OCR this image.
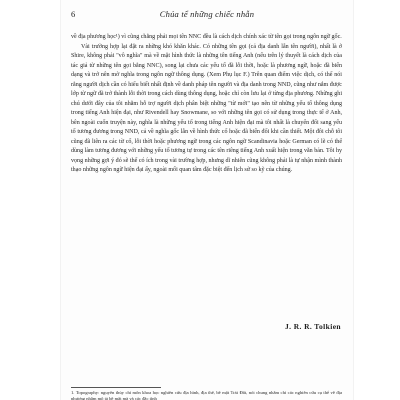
6	Chúa tể những chiếc nhẫn

về địa phương học¹) vì cũng chẳng phải mọi tên NNC đều là cách dịch chính xác từ tên gọi trong ngôn ngữ gốc.

Vài trường hợp lại đặt ra những khó khăn khác. Có những tên gọi (cả địa danh lẫn tên người), nhất là ở Shire, không phải "vô nghĩa" mà về mặt hình thức là những tên tiếng Anh (nếu trên lý thuyết là cách dịch của tác giả từ những tên gọi bằng NNC), song lại chưa các yếu tố đã lỗi thời, hoặc là phương ngữ, hoặc đã biến dạng và trở nên mờ nghĩa trong ngôn ngữ thông dụng. (Xem Phụ lục F.) Trên quan điểm việc dịch, có thể nói rằng người dịch cần có hiểu biết nhất định về danh pháp tên người và địa danh trong NND, cũng như nắm được lớp từ ngữ đã trở thành lỗi thời trong cách dùng thông dụng, hoặc chỉ còn lưu lại ở từng địa phương. Những ghi chú dưới đây của tôi nhằm hỗ trợ người dịch phân biệt những "từ mới" tạo nên từ những yếu tố thông dụng trong tiếng Anh hiện đại, như Rivendell hay Snowmane, so với những tên gọi có sử dụng trong thực tế ở Anh, bên ngoài cuốn truyện này, nghĩa là những yếu tố trong tiếng Anh hiện đại mà tôi nhất là chuyển đổi sang yếu tố tương đương trong NND, cả về nghĩa gốc lẫn về hình thức cổ hoặc đã biến đổi khi cần thiết. Một đôi chỗ tôi cũng đã liên ra các từ cổ, lỗi thời hoặc phương ngữ trong các ngôn ngữ Scandinavia hoặc German có lẽ có thể dùng làm tương đương với những yếu tố tương tự trong các tên riêng tiếng Anh xuất hiện trong văn bản. Tôi hy vọng những gợi ý đó sẽ thể có ích trong vài trường hợp, nhưng dĩ nhiên cũng không phải là tự nhận mình thành thạo những ngôn ngữ hiện đại ấy, ngoài mối quan tâm đặc biệt đến lịch sử so kỹ của chúng.

J. R. R. Tolkien
1. Topography: nguyên thủy chỉ môn khoa học nghiên cứu địa hình, địa thế, bề mặt Trái Đất, nói chung nhằm chỉ các nghiên cứu cụ thể về địa phương nhằm mô tả bề mặt mà và các đặc tính
